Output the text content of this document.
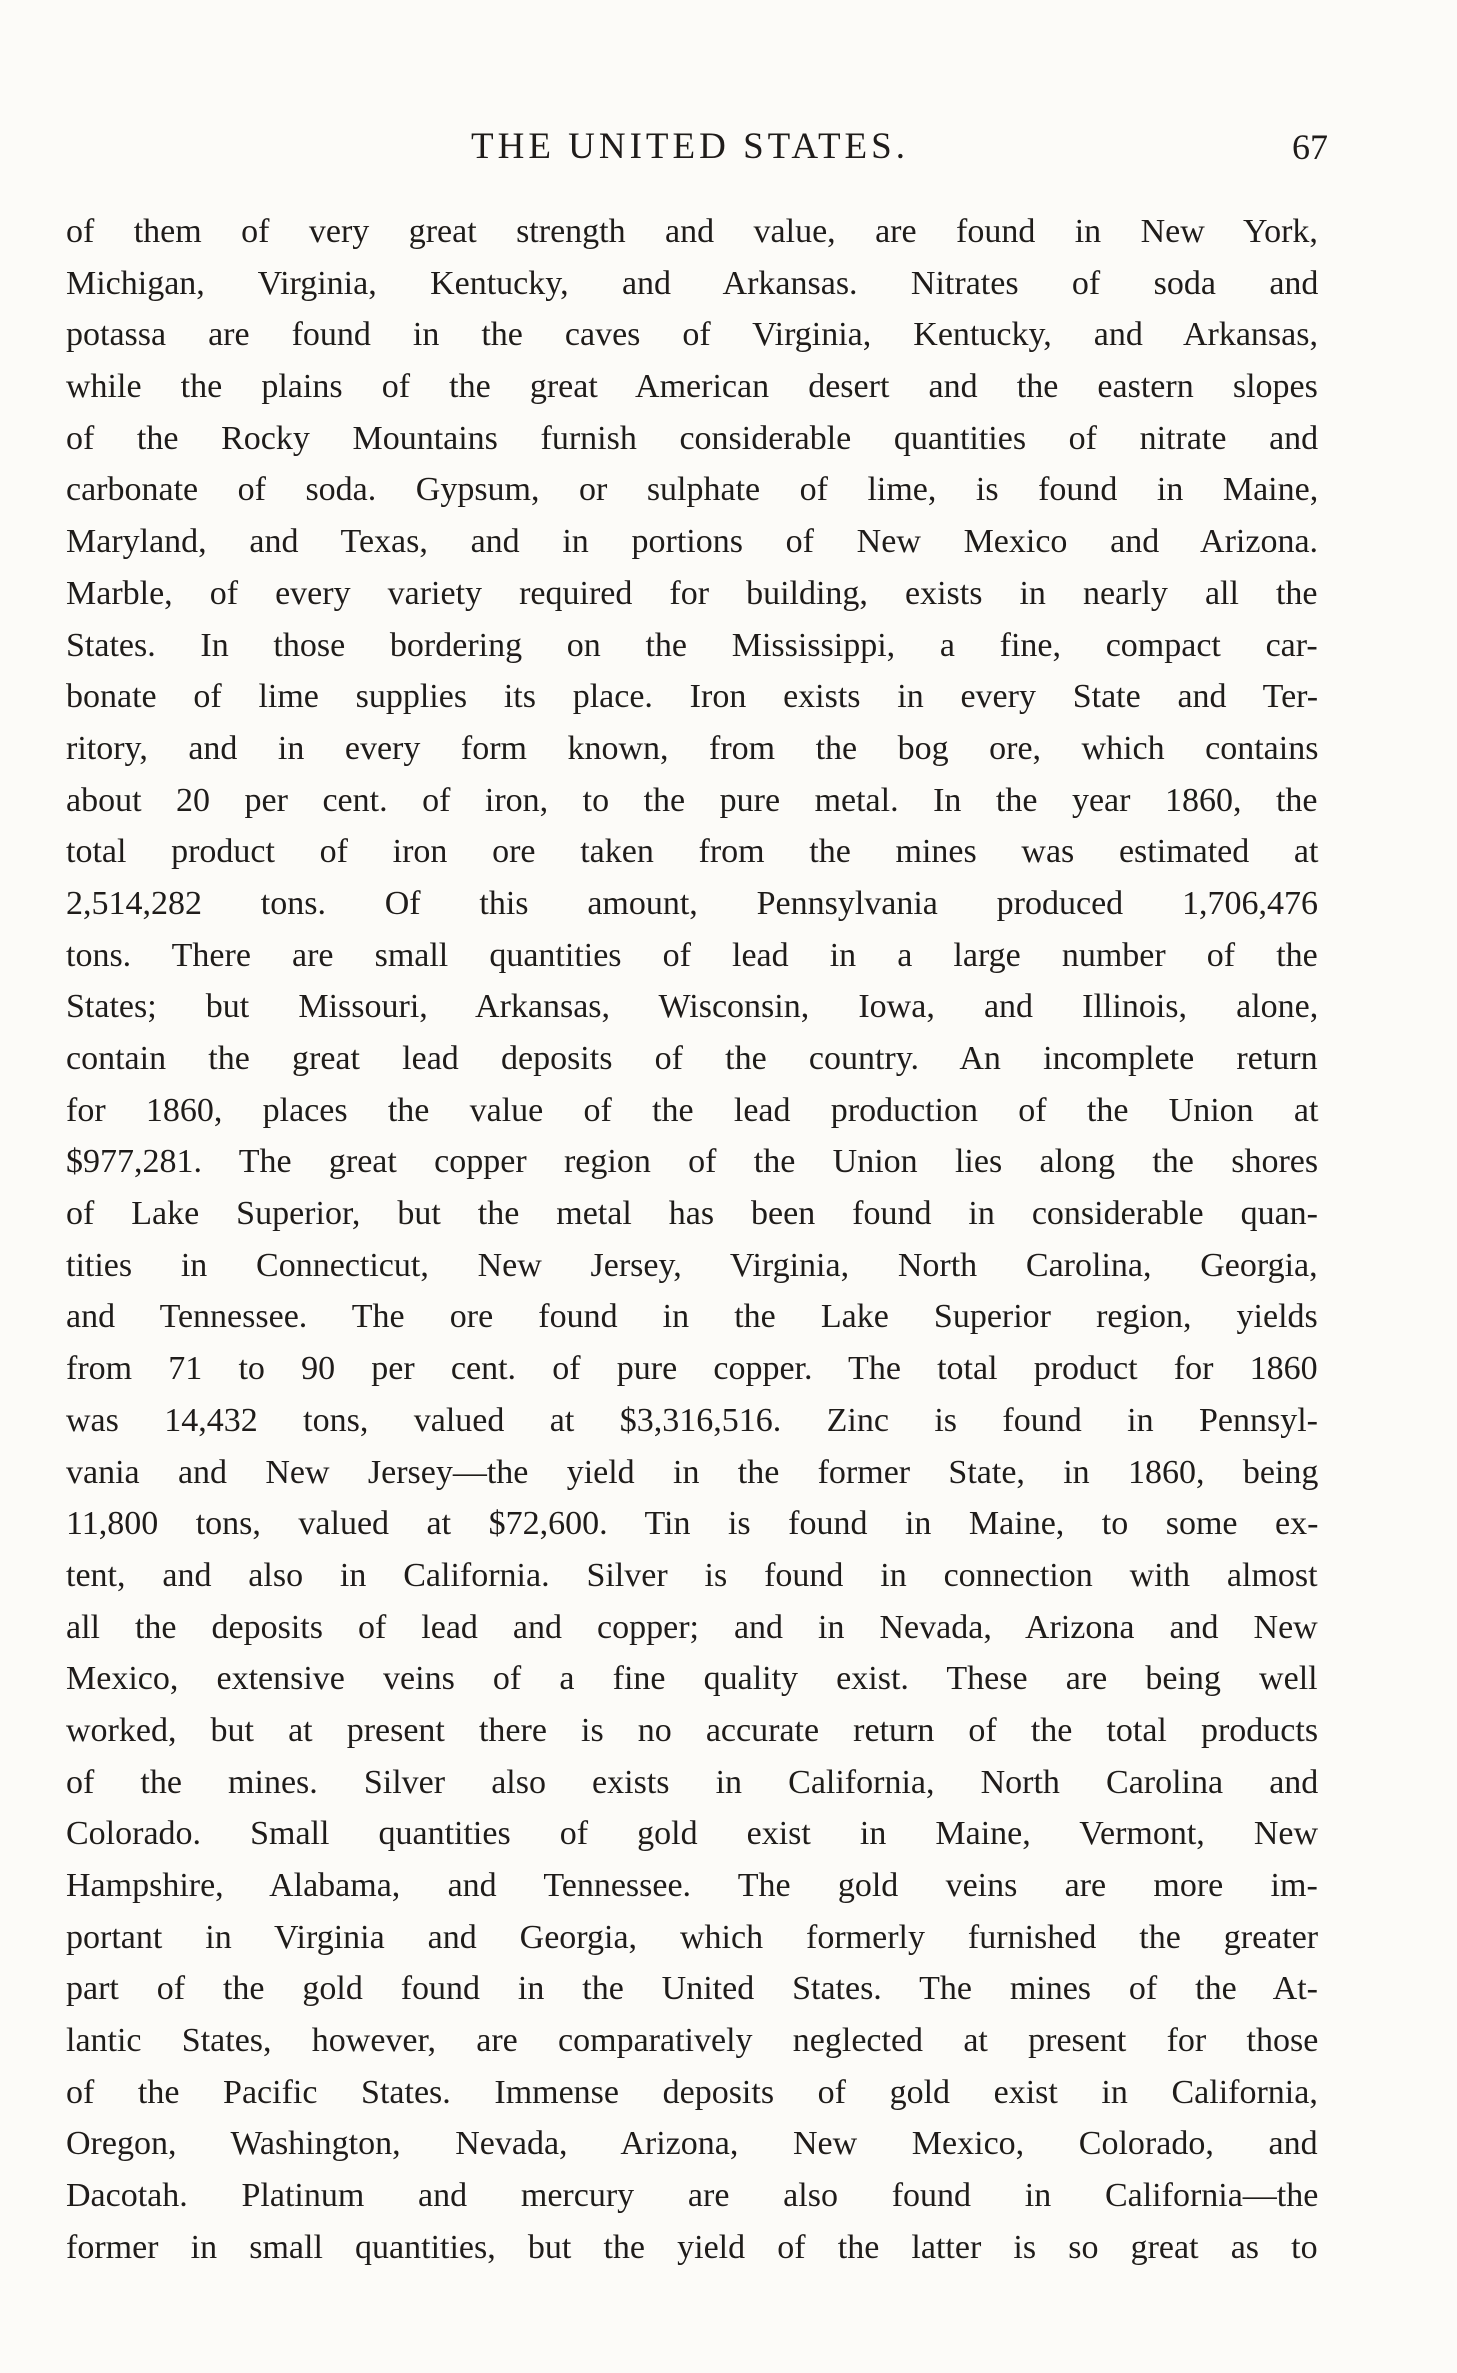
THE UNITED STATES.	67
of them of very great strength and value, are found in New York,
Michigan, Virginia, Kentucky, and Arkansas. Nitrates of soda and
potassa are found in the caves of Virginia, Kentucky, and Arkansas,
while the plains of the great American desert and the eastern slopes
of the Rocky Mountains furnish considerable quantities of nitrate and
carbonate of soda. Gypsum, or sulphate of lime, is found in Maine,
Maryland, and Texas, and in portions of New Mexico and Arizona.
Marble, of every variety required for building, exists in nearly all the
States. In those bordering on the Mississippi, a fine, compact car-
bonate of lime supplies its place. Iron exists in every State and Ter-
ritory, and in every form known, from the bog ore, which contains
about 20 per cent. of iron, to the pure metal. In the year 1860, the
total product of iron ore taken from the mines was estimated at
2,514,282 tons. Of this amount, Pennsylvania produced 1,706,476
tons. There are small quantities of lead in a large number of the
States; but Missouri, Arkansas, Wisconsin, Iowa, and Illinois, alone,
contain the great lead deposits of the country. An incomplete return
for 1860, places the value of the lead production of the Union at
$977,281. The great copper region of the Union lies along the shores
of Lake Superior, but the metal has been found in considerable quan-
tities in Connecticut, New Jersey, Virginia, North Carolina, Georgia,
and Tennessee. The ore found in the Lake Superior region, yields
from 71 to 90 per cent. of pure copper. The total product for 1860
was 14,432 tons, valued at $3,316,516. Zinc is found in Pennsyl-
vania and New Jersey—the yield in the former State, in 1860, being
11,800 tons, valued at $72,600. Tin is found in Maine, to some ex-
tent, and also in California. Silver is found in connection with almost
all the deposits of lead and copper; and in Nevada, Arizona and New
Mexico, extensive veins of a fine quality exist. These are being well
worked, but at present there is no accurate return of the total products
of the mines. Silver also exists in California, North Carolina and
Colorado. Small quantities of gold exist in Maine, Vermont, New
Hampshire, Alabama, and Tennessee. The gold veins are more im-
portant in Virginia and Georgia, which formerly furnished the greater
part of the gold found in the United States. The mines of the At-
lantic States, however, are comparatively neglected at present for those
of the Pacific States. Immense deposits of gold exist in California,
Oregon, Washington, Nevada, Arizona, New Mexico, Colorado, and
Dacotah. Platinum and mercury are also found in California—the
former in small quantities, but the yield of the latter is so great as to
